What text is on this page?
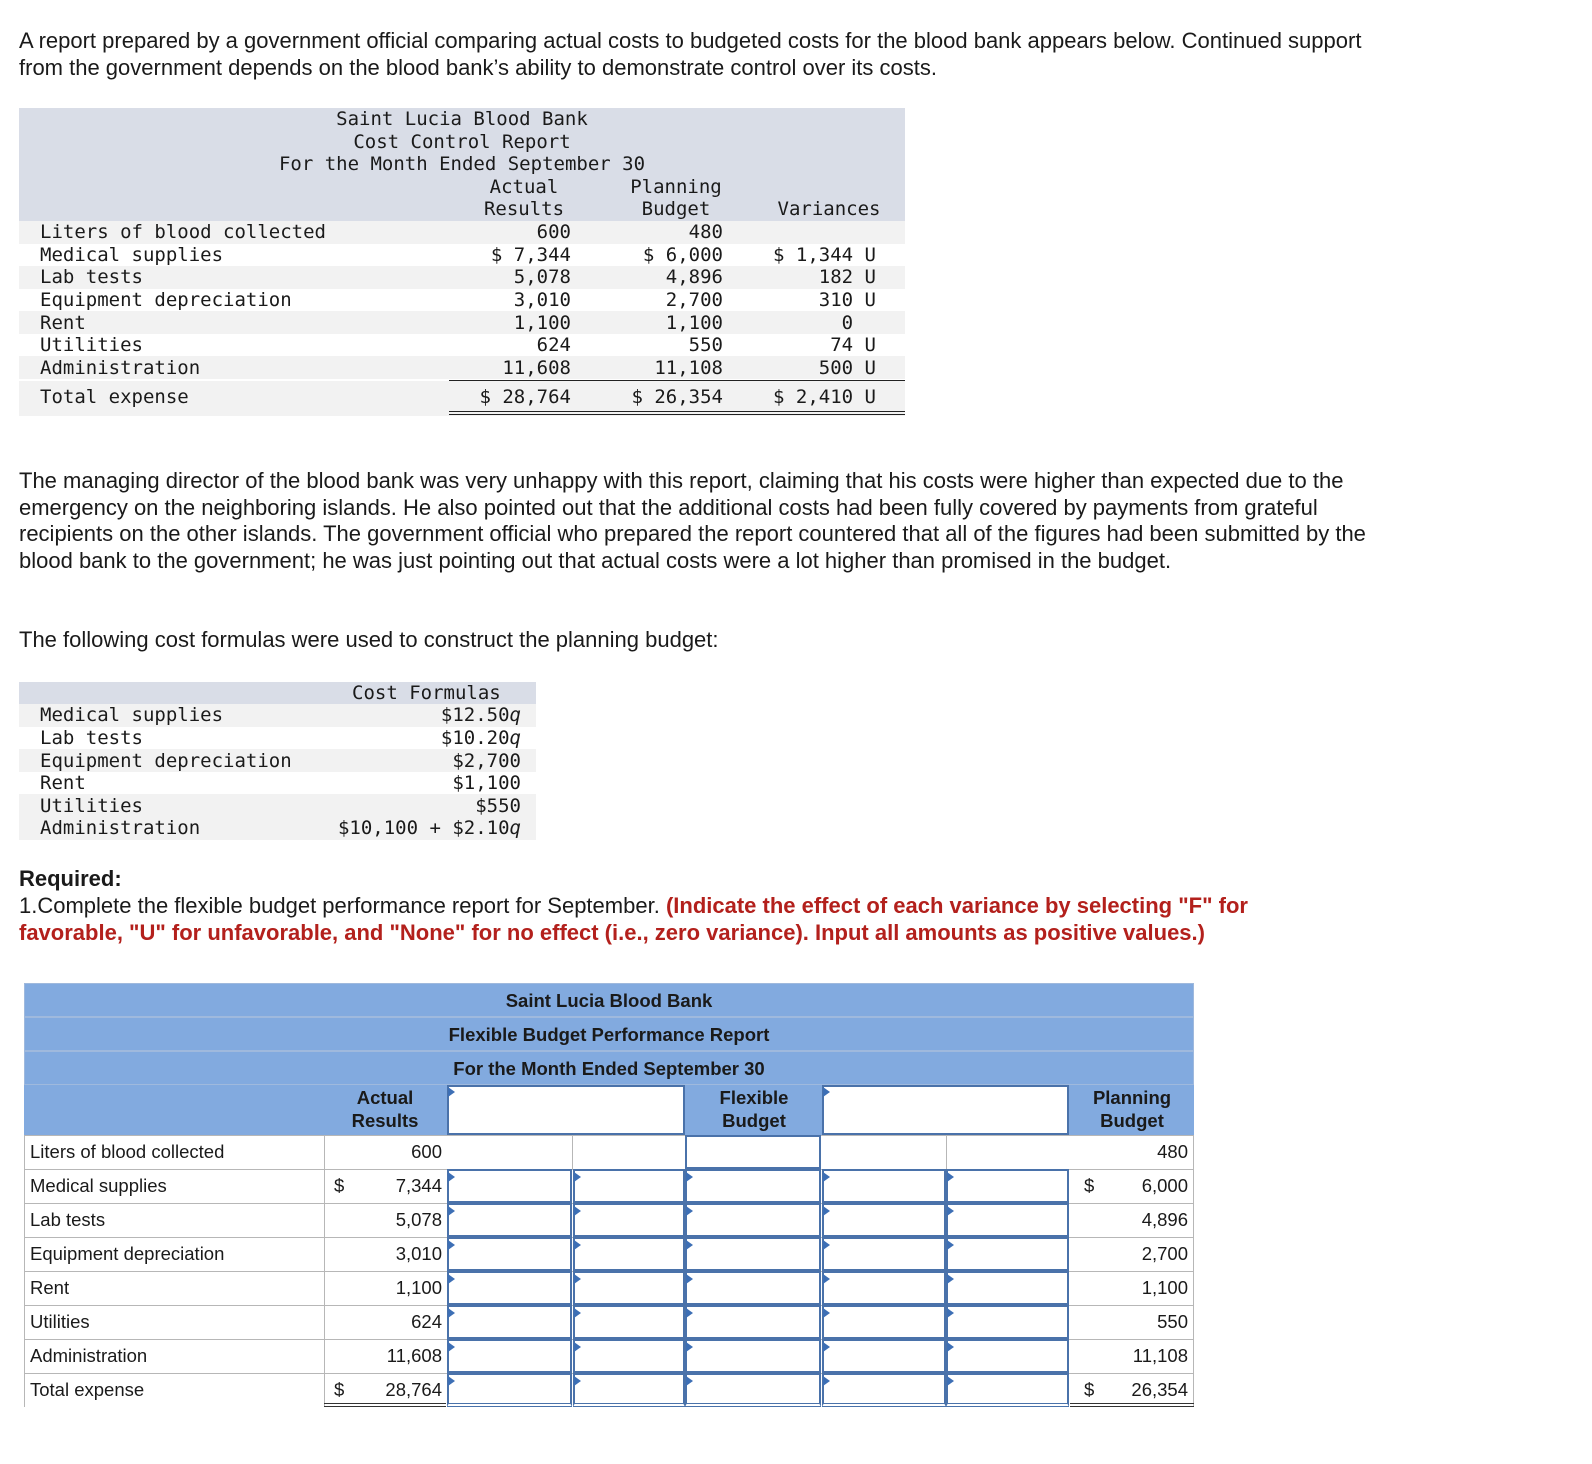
A report prepared by a government official comparing actual costs to budgeted costs for the blood bank appears below. Continued support from the government depends on the blood bank’s ability to demonstrate control over its costs.

Saint Lucia Blood Bank
Cost Control Report
For the Month Ended September 30
Actual
Results
Planning
Budget	Variances
Liters of blood collected	600	480
Medical supplies	$ 7,344	$ 6,000	$ 1,344 U
Lab tests	5,078	4,896	182 U
Equipment depreciation	3,010	2,700	310 U
Rent	1,100	1,100	0
Utilities	624	550	74 U
Administration	11,608	11,108	500 U
Total expense	$ 28,764	$ 26,354	$ 2,410 U

The managing director of the blood bank was very unhappy with this report, claiming that his costs were higher than expected due to the emergency on the neighboring islands. He also pointed out that the additional costs had been fully covered by payments from grateful recipients on the other islands. The government official who prepared the report countered that all of the figures had been submitted by the blood bank to the government; he was just pointing out that actual costs were a lot higher than promised in the budget.

The following cost formulas were used to construct the planning budget:

Cost Formulas
Medical supplies	$12.50q
Lab tests	$10.20q
Equipment depreciation	$2,700
Rent	$1,100
Utilities	$550
Administration	$10,100 + $2.10q
Required:

1.Complete the flexible budget performance report for September. (Indicate the effect of each variance by selecting "F" for favorable, "U" for unfavorable, and "None" for no effect (i.e., zero variance). Input all amounts as positive values.)

Saint Lucia Blood Bank
Flexible Budget Performance Report
For the Month Ended September 30
Actual
Results
Flexible
Budget
Planning
Budget
Liters of blood collected	600	480
Medical supplies	$	7,344	$	6,000
Lab tests	5,078	4,896
Equipment depreciation	3,010	2,700
Rent	1,100	1,100
Utilities	624	550
Administration	11,608	11,108
Total expense	$	28,764	$	26,354
